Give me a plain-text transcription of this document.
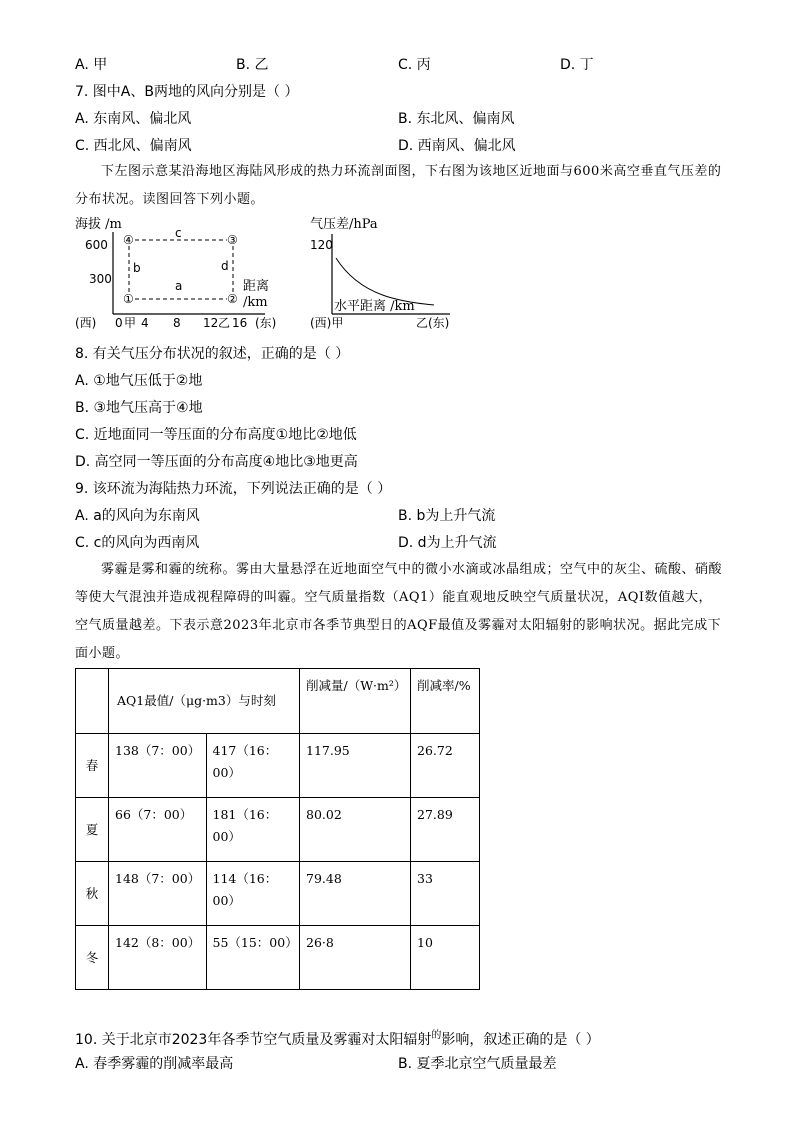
A. 甲	B. 乙	C. 丙	D. 丁
7. 图中A、B两地的风向分别是（ ）
A. 东南风、偏北风	B. 东北风、偏南风
C. 西北风、偏南风	D. 西南风、偏北风
下左图示意某沿海地区海陆风形成的热力环流剖面图，下右图为该地区近地面与600米高空垂直气压差的分布状况。读图回答下列小题。
海拔 /m
600
300
④	③
①	②
c
a
b	d
距离
/km
0 甲 4 8 12 乙 16
(西)	(东)
气压差/hPa
120
水平距离 /km
(西)甲	乙(东)
8. 有关气压分布状况的叙述，正确的是（ ）
A. ①地气压低于②地
B. ③地气压高于④地
C. 近地面同一等压面的分布高度①地比②地低
D. 高空同一等压面的分布高度④地比③地更高
9. 该环流为海陆热力环流，下列说法正确的是（ ）
A. a的风向为东南风	B. b为上升气流
C. c的风向为西南风	D. d为上升气流
雾霾是雾和霾的统称。雾由大量悬浮在近地面空气中的微小水滴或冰晶组成；空气中的灰尘、硫酸、硝酸等使大气混浊并造成视程障碍的叫霾。空气质量指数（AQ1）能直观地反映空气质量状况，AQI数值越大，空气质量越差。下表示意2023年北京市各季节典型日的AQF最值及雾霾对太阳辐射的影响状况。据此完成下面小题。
	AQ1最值/（μg·m3）与时刻		削减量/（W·m²）	削减率/%
春	138（7：00）	417（16：00）	117.95	26.72
夏	66（7：00）	181（16：00）	80.02	27.89
秋	148（7：00）	114（16：00）	79.48	33
冬	142（8：00）	55（15：00）	26·8	10
10. 关于北京市2023年各季节空气质量及雾霾对太阳辐射$^的$影响，叙述正确的是（ ）
A. 春季雾霾的削减率最高	B. 夏季北京空气质量最差
